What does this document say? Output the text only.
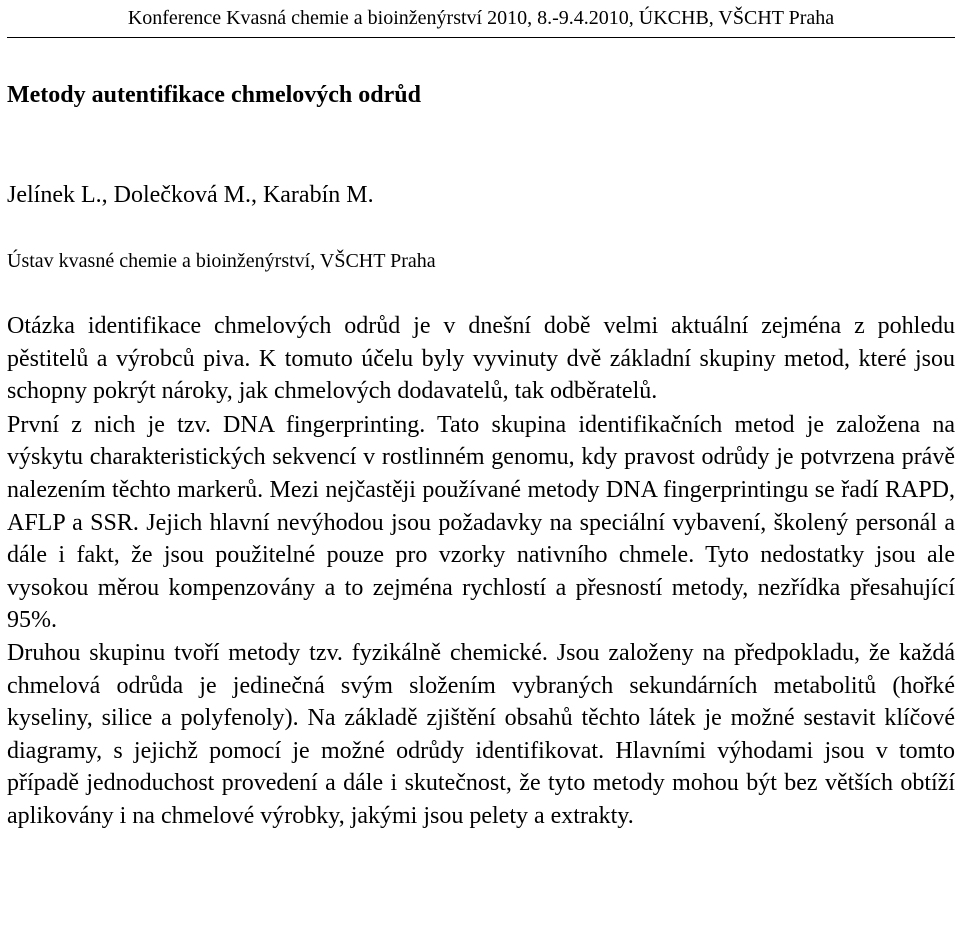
Konference Kvasná chemie a bioinženýrství 2010, 8.-9.4.2010, ÚKCHB, VŠCHT Praha
Metody autentifikace chmelových odrůd
Jelínek L., Dolečková M., Karabín M.
Ústav kvasné chemie a bioinženýrství, VŠCHT Praha

Otázka identifikace chmelových odrůd je v dnešní době velmi aktuální zejména z pohledu pěstitelů a výrobců piva. K tomuto účelu byly vyvinuty dvě základní skupiny metod, které jsou schopny pokrýt nároky, jak chmelových dodavatelů, tak odběratelů.

První z nich je tzv. DNA fingerprinting. Tato skupina identifikačních metod je založena na výskytu charakteristických sekvencí v rostlinném genomu, kdy pravost odrůdy je potvrzena právě nalezením těchto markerů. Mezi nejčastěji používané metody DNA fingerprintingu se řadí RAPD, AFLP a SSR. Jejich hlavní nevýhodou jsou požadavky na speciální vybavení, školený personál a dále i fakt, že jsou použitelné pouze pro vzorky nativního chmele. Tyto nedostatky jsou ale vysokou měrou kompenzovány a to zejména rychlostí a přesností metody, nezřídka přesahující 95%.

Druhou skupinu tvoří metody tzv. fyzikálně chemické. Jsou založeny na předpokladu, že každá chmelová odrůda je jedinečná svým složením vybraných sekundárních metabolitů (hořké kyseliny, silice a polyfenoly). Na základě zjištění obsahů těchto látek je možné sestavit klíčové diagramy, s jejichž pomocí je možné odrůdy identifikovat. Hlavními výhodami jsou v tomto případě jednoduchost provedení a dále i skutečnost, že tyto metody mohou být bez větších obtíží aplikovány i na chmelové výrobky, jakými jsou pelety a extrakty.
